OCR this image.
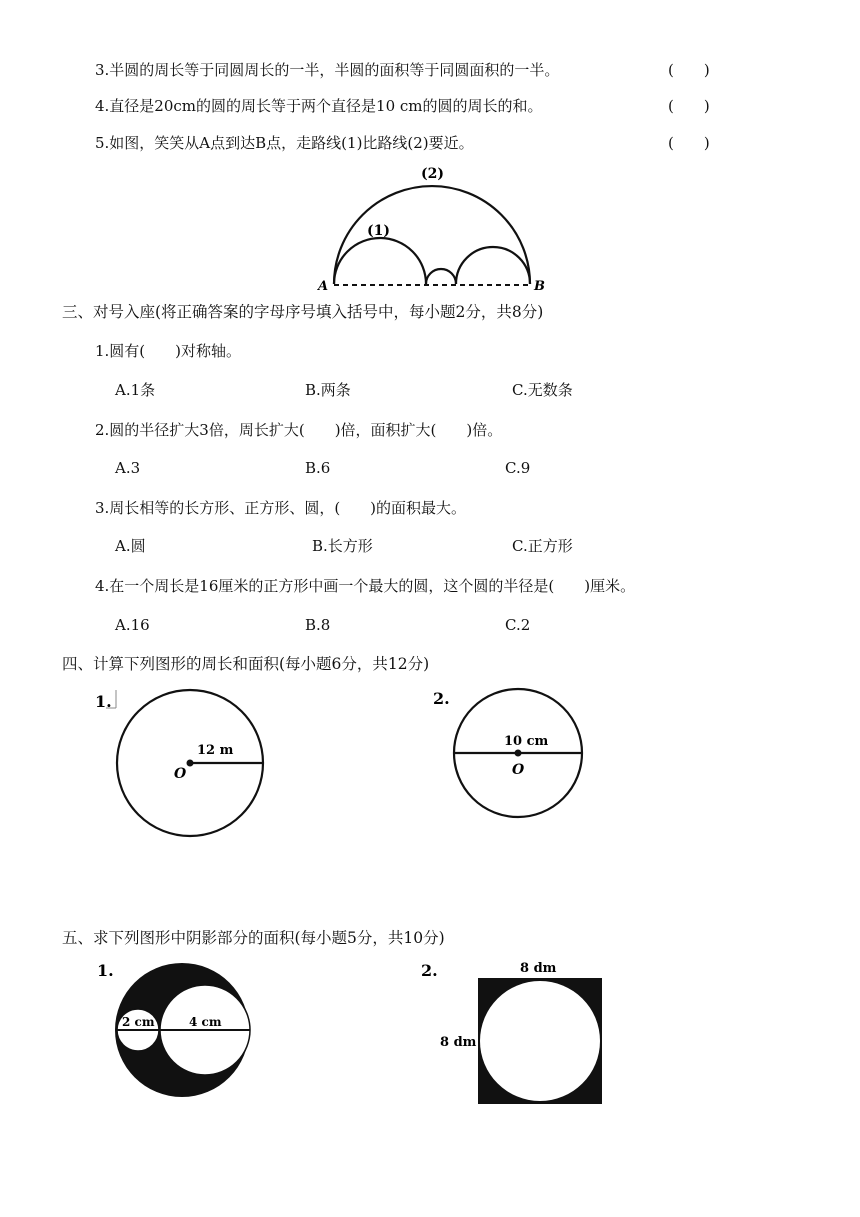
3.半圆的周长等于同圆周长的一半，半圆的面积等于同圆面积的一半。	(　　)
4.直径是20cm的圆的周长等于两个直径是10 cm的圆的周长的和。	(　　)
5.如图，笑笑从A点到达B点，走路线(1)比路线(2)要近。	(　　)
(2)
(1)
A	B
三、对号入座(将正确答案的字母序号填入括号中，每小题2分，共8分)
1.圆有(　　)对称轴。
A.1条	B.两条	C.无数条
2.圆的半径扩大3倍，周长扩大(　　)倍，面积扩大(　　)倍。
A.3	B.6	C.9
3.周长相等的长方形、正方形、圆，(　　)的面积最大。
A.圆	B.长方形	C.正方形
4.在一个周长是16厘米的正方形中画一个最大的圆，这个圆的半径是(　　)厘米。
A.16	B.8	C.2
四、计算下列图形的周长和面积(每小题6分，共12分)
1.
12 m
O
2.
10 cm
O
五、求下列图形中阴影部分的面积(每小题5分，共10分)
1.
2 cm	4 cm
2.	8 dm
8 dm
